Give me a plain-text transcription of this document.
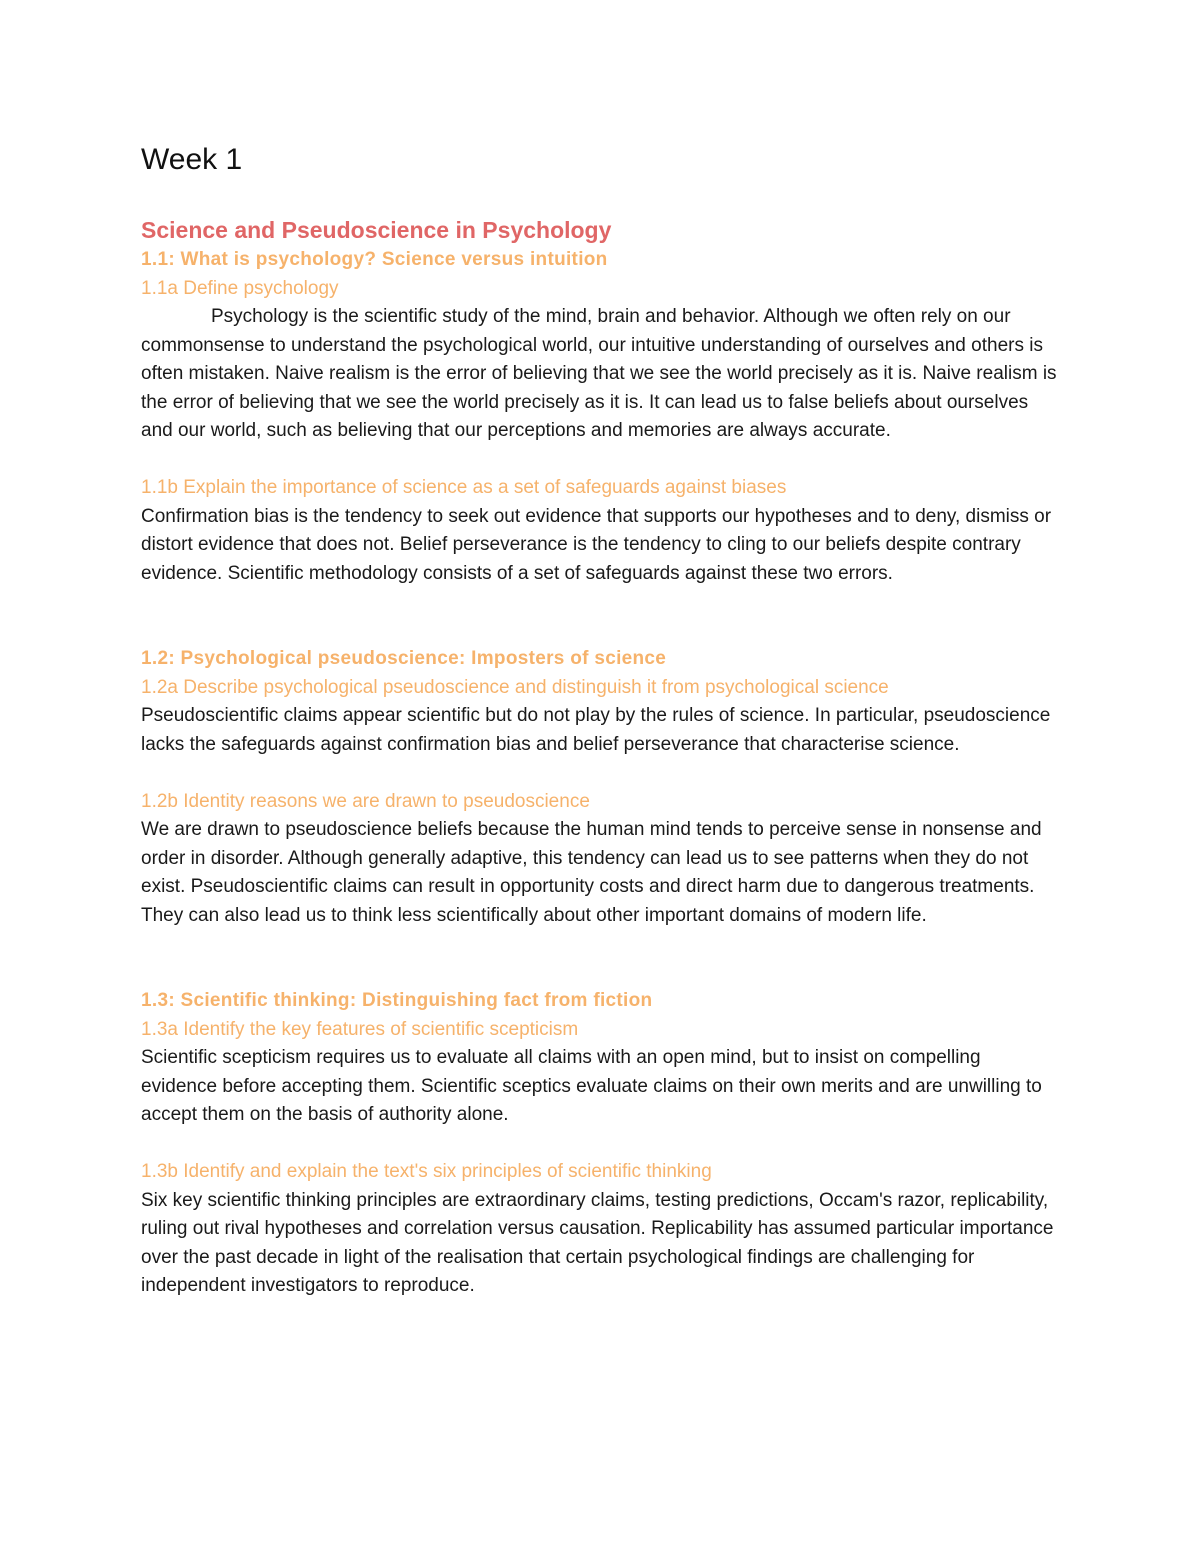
Week 1
Science and Pseudoscience in Psychology
1.1: What is psychology? Science versus intuition

1.1a Define psychology

Psychology is the scientific study of the mind, brain and behavior. Although we often rely on our commonsense to understand the psychological world, our intuitive understanding of ourselves and others is often mistaken. Naive realism is the error of believing that we see the world precisely as it is. Naive realism is the error of believing that we see the world precisely as it is. It can lead us to false beliefs about ourselves and our world, such as believing that our perceptions and memories are always accurate.

1.1b Explain the importance of science as a set of safeguards against biases

Confirmation bias is the tendency to seek out evidence that supports our hypotheses and to deny, dismiss or distort evidence that does not. Belief perseverance is the tendency to cling to our beliefs despite contrary evidence. Scientific methodology consists of a set of safeguards against these two errors.

1.2: Psychological pseudoscience: Imposters of science

1.2a Describe psychological pseudoscience and distinguish it from psychological science

Pseudoscientific claims appear scientific but do not play by the rules of science. In particular, pseudoscience lacks the safeguards against confirmation bias and belief perseverance that characterise science.

1.2b Identity reasons we are drawn to pseudoscience

We are drawn to pseudoscience beliefs because the human mind tends to perceive sense in nonsense and order in disorder. Although generally adaptive, this tendency can lead us to see patterns when they do not exist. Pseudoscientific claims can result in opportunity costs and direct harm due to dangerous treatments. They can also lead us to think less scientifically about other important domains of modern life.

1.3: Scientific thinking: Distinguishing fact from fiction

1.3a Identify the key features of scientific scepticism

Scientific scepticism requires us to evaluate all claims with an open mind, but to insist on compelling evidence before accepting them. Scientific sceptics evaluate claims on their own merits and are unwilling to accept them on the basis of authority alone.

1.3b Identify and explain the text's six principles of scientific thinking

Six key scientific thinking principles are extraordinary claims, testing predictions, Occam's razor, replicability, ruling out rival hypotheses and correlation versus causation. Replicability has assumed particular importance over the past decade in light of the realisation that certain psychological findings are challenging for independent investigators to reproduce.
